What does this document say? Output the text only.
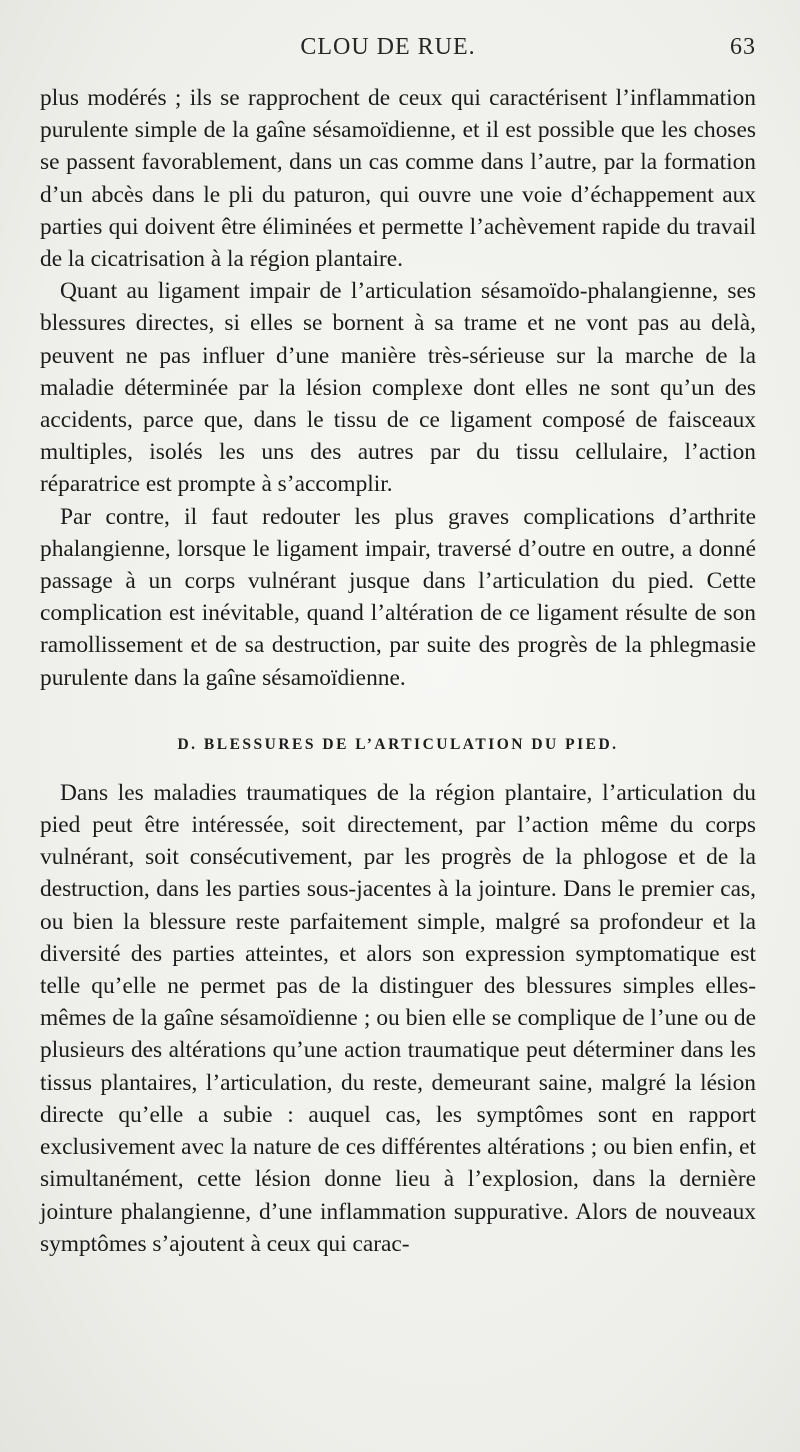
CLOU DE RUE.	63

plus modérés ; ils se rapprochent de ceux qui caractérisent l’inflammation purulente simple de la gaîne sésamoïdienne, et il est possible que les choses se passent favorablement, dans un cas comme dans l’autre, par la formation d’un abcès dans le pli du paturon, qui ouvre une voie d’échappement aux parties qui doivent être éliminées et permette l’achèvement rapide du travail de la cicatrisation à la région plantaire.

Quant au ligament impair de l’articulation sésamoïdo-phalangienne, ses blessures directes, si elles se bornent à sa trame et ne vont pas au delà, peuvent ne pas influer d’une manière très-sérieuse sur la marche de la maladie déterminée par la lésion complexe dont elles ne sont qu’un des accidents, parce que, dans le tissu de ce ligament composé de faisceaux multiples, isolés les uns des autres par du tissu cellulaire, l’action réparatrice est prompte à s’accomplir.

Par contre, il faut redouter les plus graves complications d’arthrite phalangienne, lorsque le ligament impair, traversé d’outre en outre, a donné passage à un corps vulnérant jusque dans l’articulation du pied. Cette complication est inévitable, quand l’altération de ce ligament résulte de son ramollissement et de sa destruction, par suite des progrès de la phlegmasie purulente dans la gaîne sésamoïdienne.

D. BLESSURES DE L’ARTICULATION DU PIED.

Dans les maladies traumatiques de la région plantaire, l’articulation du pied peut être intéressée, soit directement, par l’action même du corps vulnérant, soit consécutivement, par les progrès de la phlogose et de la destruction, dans les parties sous-jacentes à la jointure. Dans le premier cas, ou bien la blessure reste parfaitement simple, malgré sa profondeur et la diversité des parties atteintes, et alors son expression symptomatique est telle qu’elle ne permet pas de la distinguer des blessures simples elles-mêmes de la gaîne sésamoïdienne ; ou bien elle se complique de l’une ou de plusieurs des altérations qu’une action traumatique peut déterminer dans les tissus plantaires, l’articulation, du reste, demeurant saine, malgré la lésion directe qu’elle a subie : auquel cas, les symptômes sont en rapport exclusivement avec la nature de ces différentes altérations ; ou bien enfin, et simultanément, cette lésion donne lieu à l’explosion, dans la dernière jointure phalangienne, d’une inflammation suppurative. Alors de nouveaux symptômes s’ajoutent à ceux qui carac-
